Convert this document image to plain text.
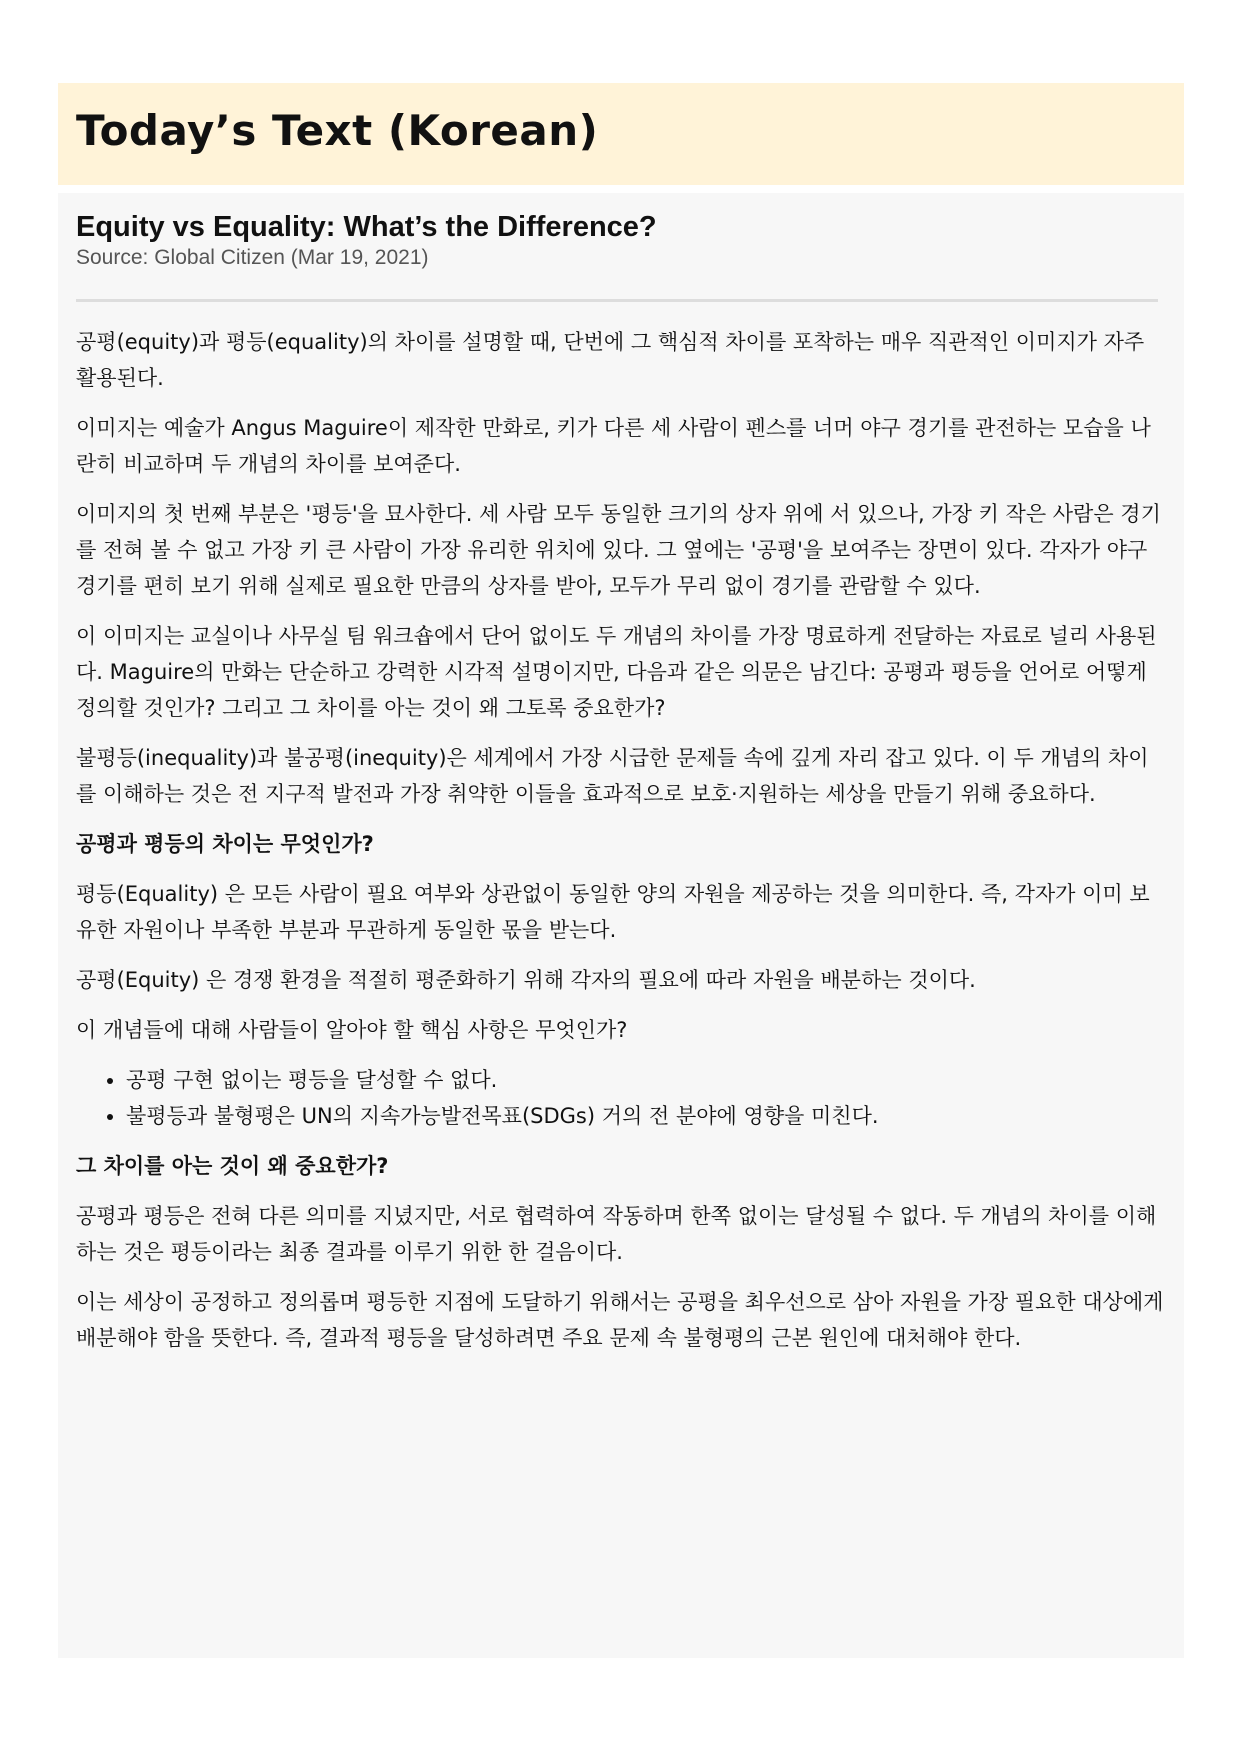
Today’s Text (Korean)
Equity vs Equality: What’s the Difference?

Source: Global Citizen (Mar 19, 2021)

공평(equity)과 평등(equality)의 차이를 설명할 때, 단번에 그 핵심적 차이를 포착하는 매우 직관적인 이미지가 자주 활용된다.

이미지는 예술가 Angus Maguire이 제작한 만화로, 키가 다른 세 사람이 펜스를 너머 야구 경기를 관전하는 모습을 나란히 비교하며 두 개념의 차이를 보여준다.

이미지의 첫 번째 부분은 '평등'을 묘사한다. 세 사람 모두 동일한 크기의 상자 위에 서 있으나, 가장 키 작은 사람은 경기를 전혀 볼 수 없고 가장 키 큰 사람이 가장 유리한 위치에 있다. 그 옆에는 '공평'을 보여주는 장면이 있다. 각자가 야구 경기를 편히 보기 위해 실제로 필요한 만큼의 상자를 받아, 모두가 무리 없이 경기를 관람할 수 있다.

이 이미지는 교실이나 사무실 팀 워크숍에서 단어 없이도 두 개념의 차이를 가장 명료하게 전달하는 자료로 널리 사용된다. Maguire의 만화는 단순하고 강력한 시각적 설명이지만, 다음과 같은 의문은 남긴다: 공평과 평등을 언어로 어떻게 정의할 것인가? 그리고 그 차이를 아는 것이 왜 그토록 중요한가?

불평등(inequality)과 불공평(inequity)은 세계에서 가장 시급한 문제들 속에 깊게 자리 잡고 있다. 이 두 개념의 차이를 이해하는 것은 전 지구적 발전과 가장 취약한 이들을 효과적으로 보호·지원하는 세상을 만들기 위해 중요하다.

공평과 평등의 차이는 무엇인가?

평등(Equality) 은 모든 사람이 필요 여부와 상관없이 동일한 양의 자원을 제공하는 것을 의미한다. 즉, 각자가 이미 보유한 자원이나 부족한 부분과 무관하게 동일한 몫을 받는다.

공평(Equity) 은 경쟁 환경을 적절히 평준화하기 위해 각자의 필요에 따라 자원을 배분하는 것이다.

이 개념들에 대해 사람들이 알아야 할 핵심 사항은 무엇인가?

• 공평 구현 없이는 평등을 달성할 수 없다.
• 불평등과 불형평은 UN의 지속가능발전목표(SDGs) 거의 전 분야에 영향을 미친다.
그 차이를 아는 것이 왜 중요한가?

공평과 평등은 전혀 다른 의미를 지녔지만, 서로 협력하여 작동하며 한쪽 없이는 달성될 수 없다. 두 개념의 차이를 이해하는 것은 평등이라는 최종 결과를 이루기 위한 한 걸음이다.

이는 세상이 공정하고 정의롭며 평등한 지점에 도달하기 위해서는 공평을 최우선으로 삼아 자원을 가장 필요한 대상에게 배분해야 함을 뜻한다. 즉, 결과적 평등을 달성하려면 주요 문제 속 불형평의 근본 원인에 대처해야 한다.
